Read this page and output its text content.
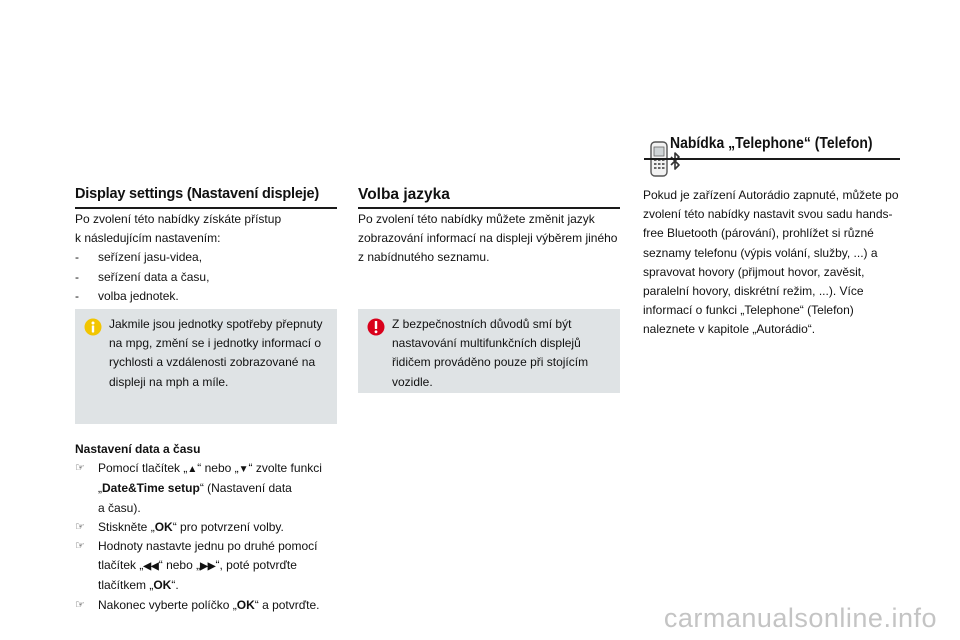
Display settings (Nastavení displeje)

Po zvolení této nabídky získáte přístup

k následujícím nastavením:

- seřízení jasu-videa,
- seřízení data a času,
- volba jednotek.
Jakmile jsou jednotky spotřeby přepnuty na mpg, změní se i jednotky informací o rychlosti a vzdálenosti zobrazované na displeji na mph a míle.
Nastavení data a času
☞ Pomocí tlačítek „▲“ nebo „▼“ zvolte funkci
„Date&Time setup“ (Nastavení data
a času).
☞ Stiskněte „OK“ pro potvrzení volby.
☞ Hodnoty nastavte jednu po druhé pomocí
tlačítek „◀◀“ nebo „▶▶“, poté potvrďte
tlačítkem „OK“.
☞ Nakonec vyberte políčko „OK“ a potvrďte.
Volba jazyka
Po zvolení této nabídky můžete změnit jazyk zobrazování informací na displeji výběrem jiného z nabídnutého seznamu.
Z bezpečnostních důvodů smí být nastavování multifunkčních displejů řidičem prováděno pouze při stojícím vozidle.
Nabídka „Telephone“ (Telefon)
Pokud je zařízení Autorádio zapnuté, můžete po zvolení této nabídky nastavit svou sadu hands-free Bluetooth (párování), prohlížet si různé seznamy telefonu (výpis volání, služby, ...) a spravovat hovory (přijmout hovor, zavěsit, paralelní hovory, diskrétní režim, ...). Více informací o funkci „Telephone“ (Telefon) naleznete v kapitole „Autorádio“.
carmanualsonline.info
